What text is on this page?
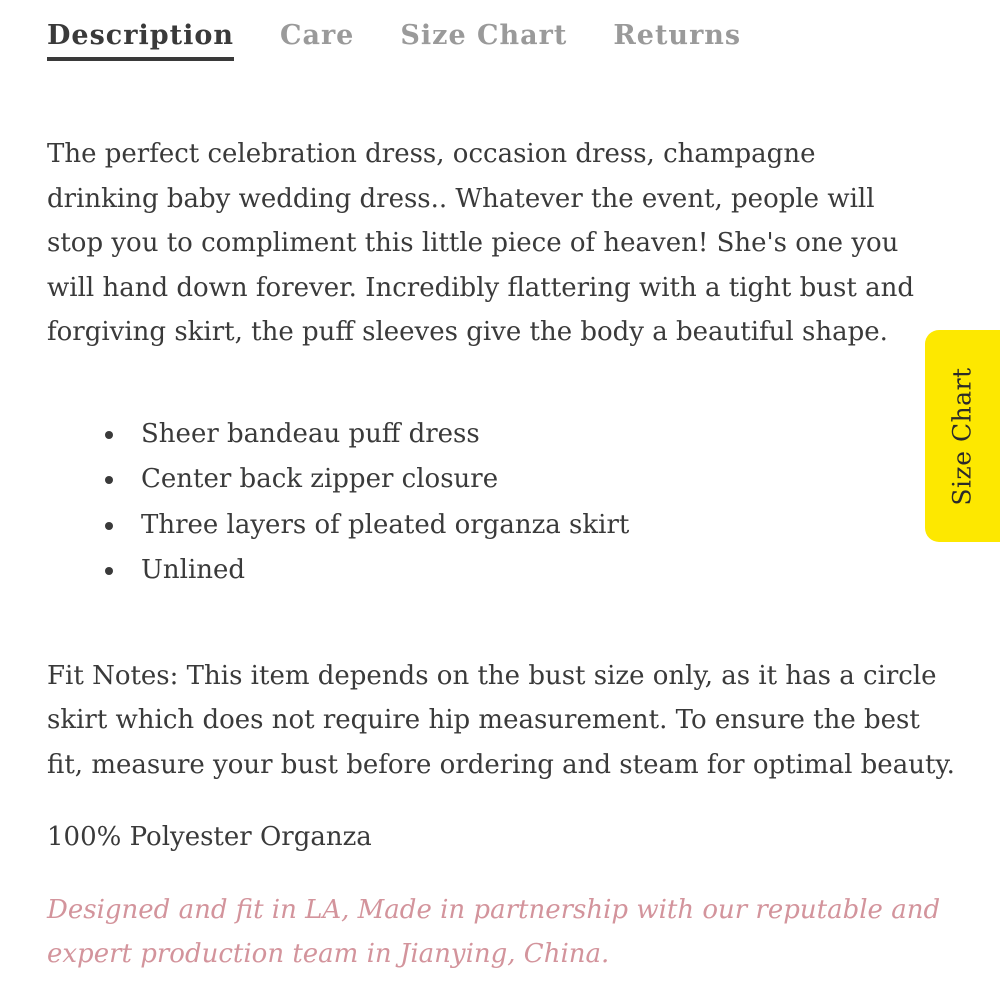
Description Care Size Chart Returns

The perfect celebration dress, occasion dress, champagne drinking baby wedding dress.. Whatever the event, people will stop you to compliment this little piece of heaven! She's one you will hand down forever. Incredibly flattering with a tight bust and forgiving skirt, the puff sleeves give the body a beautiful shape.

Sheer bandeau puff dress
Center back zipper closure
Three layers of pleated organza skirt
Unlined

Fit Notes: This item depends on the bust size only, as it has a circle skirt which does not require hip measurement. To ensure the best fit, measure your bust before ordering and steam for optimal beauty.

100% Polyester Organza

Designed and fit in LA, Made in partnership with our reputable and expert production team in Jianying, China.

Size Chart
